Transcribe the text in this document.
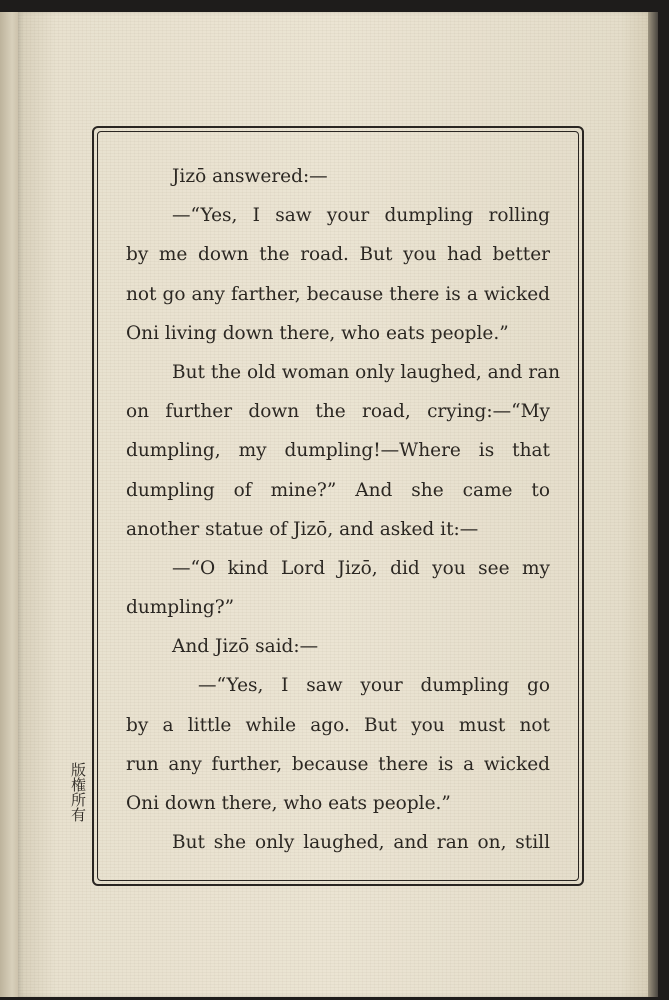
Jizō answered:—
—“Yes, I saw your dumpling rolling
by me down the road. But you had better
not go any farther, because there is a wicked
Oni living down there, who eats people.”
But the old woman only laughed, and ran
on further down the road, crying:—“My
dumpling, my dumpling!—Where is that
dumpling of mine?” And she came to
another statue of Jizō, and asked it:—
—“O kind Lord Jizō, did you see my
dumpling?”
And Jizō said:—
—“Yes, I saw your dumpling go
by a little while ago. But you must not
run any further, because there is a wicked
Oni down there, who eats people.”
But she only laughed, and ran on, still
版権所有
